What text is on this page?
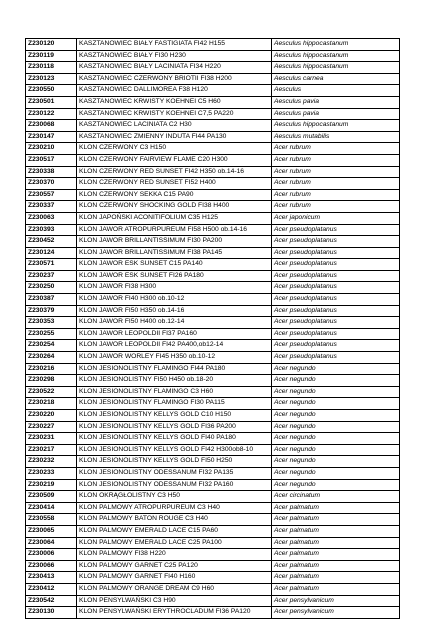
Z230120	KASZTANOWIEC BIAŁY FASTIGIATA FI42 H155	Aesculus hippocastanum
Z230119	KASZTANOWIEC BIAŁY FI30 H230	Aesculus hippocastanum
Z230118	KASZTANOWIEC BIAŁY LACINIATA FI34 H220	Aesculus hippocastanum
Z230123	KASZTANOWIEC CZERWONY BRIOTII FI38 H200	Aesculus carnea
Z230550	KASZTANOWIEC DALLIMOREA F38 H120	Aesculus
Z230501	KASZTANOWIEC KRWISTY KOEHNEI C5 H60	Aesculus pavia
Z230122	KASZTANOWIEC KRWISTY KOEHNEI C7,5 PA220	Aesculus pavia
Z230068	KASZTANOWIEC LACINIATA C2 H30	Aesculus hippocastanum
Z230147	KASZTANOWIEC ZMIENNY INDUTA FI44 PA130	Aesculus mutabilis
Z230210	KLON CZERWONY C3 H150	Acer rubrum
Z230517	KLON CZERWONY FAIRVIEW FLAME C20 H300	Acer rubrum
Z230338	KLON CZERWONY RED SUNSET FI42 H350 ob.14-16	Acer rubrum
Z230370	KLON CZERWONY RED SUNSET FI52 H400	Acer rubrum
Z230557	KLON CZERWONY SEKKA C15 PA90	Acer rubrum
Z230337	KLON CZERWONY SHOCKING GOLD FI38 H400	Acer rubrum
Z230063	KLON JAPOŃSKI ACONITIFOLIUM C35 H125	Acer japonicum
Z230393	KLON JAWOR ATROPURPUREUM FI58 H500 ob.14-16	Acer pseudoplatanus
Z230452	KLON JAWOR BRILLANTISSIMUM FI30 PA200	Acer pseudoplatanus
Z230124	KLON JAWOR BRILLANTISSIMUM FI38 PA145	Acer pseudoplatanus
Z230571	KLON JAWOR ESK SUNSET C15 PA140	Acer pseudoplatanus
Z230237	KLON JAWOR ESK SUNSET FI26 PA180	Acer pseudoplatanus
Z230250	KLON JAWOR FI38 H300	Acer pseudoplatanus
Z230387	KLON JAWOR FI40 H300 ob.10-12	Acer pseudoplatanus
Z230379	KLON JAWOR FI50 H350 ob.14-16	Acer pseudoplatanus
Z230353	KLON JAWOR FI50 H400 ob.12-14	Acer pseudoplatanus
Z230255	KLON JAWOR LEOPOLDII FI37 PA160	Acer pseudoplatanus
Z230254	KLON JAWOR LEOPOLDII FI42 PA400,ob12-14	Acer pseudoplatanus
Z230264	KLON JAWOR WORLEY FI45 H350 ob.10-12	Acer pseudoplatanus
Z230216	KLON JESIONOLISTNY FLAMINGO FI44 PA180	Acer negundo
Z230298	KLON JESIONOLISTNY FI50 H450 ob.18-20	Acer negundo
Z230522	KLON JESIONOLISTNY FLAMINGO C3 H60	Acer negundo
Z230218	KLON JESIONOLISTNY FLAMINGO FI30 PA115	Acer negundo
Z230220	KLON JESIONOLISTNY KELLYS GOLD C10 H150	Acer negundo
Z230227	KLON JESIONOLISTNY KELLYS GOLD FI36 PA200	Acer negundo
Z230231	KLON JESIONOLISTNY KELLYS GOLD FI40 PA180	Acer negundo
Z230217	KLON JESIONOLISTNY KELLYS GOLD FI42 H300ob8-10	Acer negundo
Z230232	KLON JESIONOLISTNY KELLYS GOLD FI50 H250	Acer negundo
Z230233	KLON JESIONOLISTNY ODESSANUM FI32 PA135	Acer negundo
Z230219	KLON JESIONOLISTNY ODESSANUM FI32 PA160	Acer negundo
Z230509	KLON OKRĄGŁOLISTNY C3 H50	Acer circinatum
Z230414	KLON PALMOWY ATROPURPUREUM C3 H40	Acer palmatum
Z230558	KLON PALMOWY BATON ROUGE C3 H40	Acer palmatum
Z230065	KLON PALMOWY EMERALD LACE C15 PA60	Acer palmatum
Z230064	KLON PALMOWY EMERALD LACE C25 PA100	Acer palmatum
Z230006	KLON PALMOWY FI38 H220	Acer palmatum
Z230066	KLON PALMOWY GARNET C25 PA120	Acer palmatum
Z230413	KLON PALMOWY GARNET FI40 H160	Acer palmatum
Z230412	KLON PALMOWY ORANGE DREAM C9 H60	Acer palmatum
Z230542	KLON PENSYLWAŃSKI C3 H90	Acer pensylvanicum
Z230130	KLON PENSYLWAŃSKI ERYTHROCLADUM FI36 PA120	Acer pensylvanicum
